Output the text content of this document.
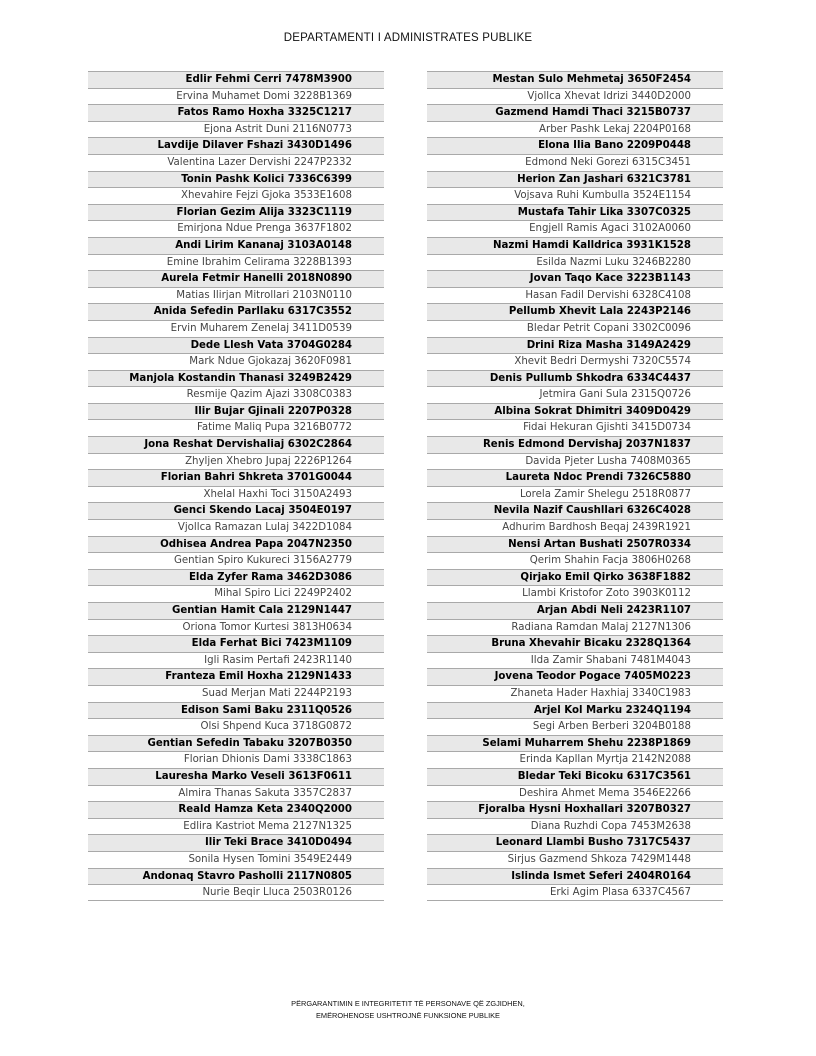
DEPARTAMENTI I ADMINISTRATES PUBLIKE
Edlir Fehmi Cerri 7478M3900
Ervina Muhamet Domi 3228B1369
Fatos Ramo Hoxha 3325C1217
Ejona Astrit Duni 2116N0773
Lavdije Dilaver Fshazi 3430D1496
Valentina Lazer Dervishi 2247P2332
Tonin Pashk Kolici 7336C6399
Xhevahire Fejzi Gjoka 3533E1608
Florian Gezim Alija 3323C1119
Emirjona Ndue Prenga 3637F1802
Andi Lirim Kananaj 3103A0148
Emine Ibrahim Celirama 3228B1393
Aurela Fetmir Hanelli 2018N0890
Matias Ilirjan Mitrollari 2103N0110
Anida Sefedin Parllaku 6317C3552
Ervin Muharem Zenelaj 3411D0539
Dede Llesh Vata 3704G0284
Mark Ndue Gjokazaj 3620F0981
Manjola Kostandin Thanasi 3249B2429
Resmije Qazim Ajazi 3308C0383
Ilir Bujar Gjinali 2207P0328
Fatime Maliq Pupa 3216B0772
Jona Reshat Dervishaliaj 6302C2864
Zhyljen Xhebro Jupaj 2226P1264
Florian Bahri Shkreta 3701G0044
Xhelal Haxhi Toci 3150A2493
Genci Skendo Lacaj 3504E0197
Vjollca Ramazan Lulaj 3422D1084
Odhisea Andrea Papa 2047N2350
Gentian Spiro Kukureci 3156A2779
Elda Zyfer Rama 3462D3086
Mihal Spiro Lici 2249P2402
Gentian Hamit Cala 2129N1447
Oriona Tomor Kurtesi 3813H0634
Elda Ferhat Bici 7423M1109
Igli Rasim Pertafi 2423R1140
Franteza Emil Hoxha 2129N1433
Suad Merjan Mati 2244P2193
Edison Sami Baku 2311Q0526
Olsi Shpend Kuca 3718G0872
Gentian Sefedin Tabaku 3207B0350
Florian Dhionis Dami 3338C1863
Lauresha Marko Veseli 3613F0611
Almira Thanas Sakuta 3357C2837
Reald Hamza Keta 2340Q2000
Edlira Kastriot Mema 2127N1325
Ilir Teki Brace 3410D0494
Sonila Hysen Tomini 3549E2449
Andonaq Stavro Pasholli 2117N0805
Nurie Beqir Lluca 2503R0126
Mestan Sulo Mehmetaj 3650F2454
Vjollca Xhevat Idrizi 3440D2000
Gazmend Hamdi Thaci 3215B0737
Arber Pashk Lekaj 2204P0168
Elona Ilia Bano 2209P0448
Edmond Neki Gorezi 6315C3451
Herion Zan Jashari 6321C3781
Vojsava Ruhi Kumbulla 3524E1154
Mustafa Tahir Lika 3307C0325
Engjell Ramis Agaci 3102A0060
Nazmi Hamdi Kalldrica 3931K1528
Esilda Nazmi Luku 3246B2280
Jovan Taqo Kace 3223B1143
Hasan Fadil Dervishi 6328C4108
Pellumb Xhevit Lala 2243P2146
Bledar Petrit Copani 3302C0096
Drini Riza Masha 3149A2429
Xhevit Bedri Dermyshi 7320C5574
Denis Pullumb Shkodra 6334C4437
Jetmira Gani Sula 2315Q0726
Albina Sokrat Dhimitri 3409D0429
Fidai Hekuran Gjishti 3415D0734
Renis Edmond Dervishaj 2037N1837
Davida Pjeter Lusha 7408M0365
Laureta Ndoc Prendi 7326C5880
Lorela Zamir Shelegu 2518R0877
Nevila Nazif Caushllari 6326C4028
Adhurim Bardhosh Beqaj 2439R1921
Nensi Artan Bushati 2507R0334
Qerim Shahin Facja 3806H0268
Qirjako Emil Qirko 3638F1882
Llambi Kristofor Zoto 3903K0112
Arjan Abdi Neli 2423R1107
Radiana Ramdan Malaj 2127N1306
Bruna Xhevahir Bicaku 2328Q1364
Ilda Zamir Shabani 7481M4043
Jovena Teodor Pogace 7405M0223
Zhaneta Hader Haxhiaj 3340C1983
Arjel Kol Marku 2324Q1194
Segi Arben Berberi 3204B0188
Selami Muharrem Shehu 2238P1869
Erinda Kapllan Myrtja 2142N2088
Bledar Teki Bicoku 6317C3561
Deshira Ahmet Mema 3546E2266
Fjoralba Hysni Hoxhallari 3207B0327
Diana Ruzhdi Copa 7453M2638
Leonard Llambi Busho 7317C5437
Sirjus Gazmend Shkoza 7429M1448
Islinda Ismet Seferi 2404R0164
Erki Agim Plasa 6337C4567
PËRGARANTIMIN E INTEGRITETIT TË PERSONAVE QË ZGJIDHEN,
EMËROHENOSE USHTROJNË FUNKSIONE PUBLIKE
